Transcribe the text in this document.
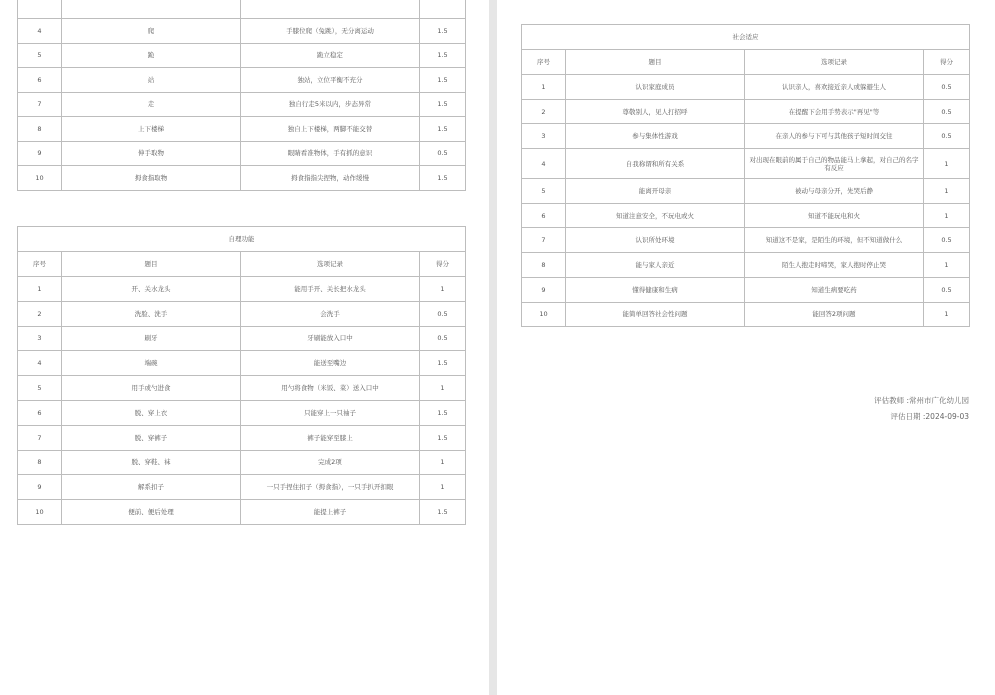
4	爬	手膝位爬（兔跳），无分离运动	1.5
5	跪	跪立稳定	1.5
6	站	独站，立位平衡不充分	1.5
7	走	独自行走5米以内，步态异常	1.5
8	上下楼梯	独自上下楼梯，两脚不能交替	1.5
9	伸手取物	眼睛看准物体，手有抓的意识	0.5
10	拇食指取物	拇食指指尖捏物，动作缓慢	1.5
自理功能			
序号	题目	选项记录	得分
1	开、关水龙头	能用手开、关长把水龙头	1
2	洗脸、洗手	会洗手	0.5
3	刷牙	牙刷能放入口中	0.5
4	端碗	能送至嘴边	1.5
5	用手或勺进食	用勺将食物（米饭、菜）送入口中	1
6	脱、穿上衣	只能穿上一只袖子	1.5
7	脱、穿裤子	裤子能穿至膝上	1.5
8	脱、穿鞋、袜	完成2项	1
9	解系扣子	一只手捏住扣子（拇食指），一只手扒开扣眼	1
10	便前、便后处理	能提上裤子	1.5
社会适应			
序号	题目	选项记录	得分
1	认识家庭成员	认识亲人，喜欢接近亲人或躲避生人	0.5
2	尊敬别人，见人打招呼	在提醒下会用手势表示"再见"等	0.5
3	参与集体性游戏	在亲人的参与下可与其他孩子短时间交往	0.5
4	自我称谓和所有关系	对出现在眼前的属于自己的物品能马上拿起，对自己的名字有反应	1
5	能离开母亲	被动与母亲分开，先哭后静	1
6	知道注意安全，不玩电或火	知道不能玩电和火	1
7	认识所处环境	知道这不是家，是陌生的环境，但不知道做什么	0.5
8	能与家人亲近	陌生人抱走时啼哭，家人抱时停止哭	1
9	懂得健康和生病	知道生病要吃药	0.5
10	能简单回答社会性问题	能回答2项问题	1
评估教师 :常州市广化幼儿园
评估日期 :2024-09-03
